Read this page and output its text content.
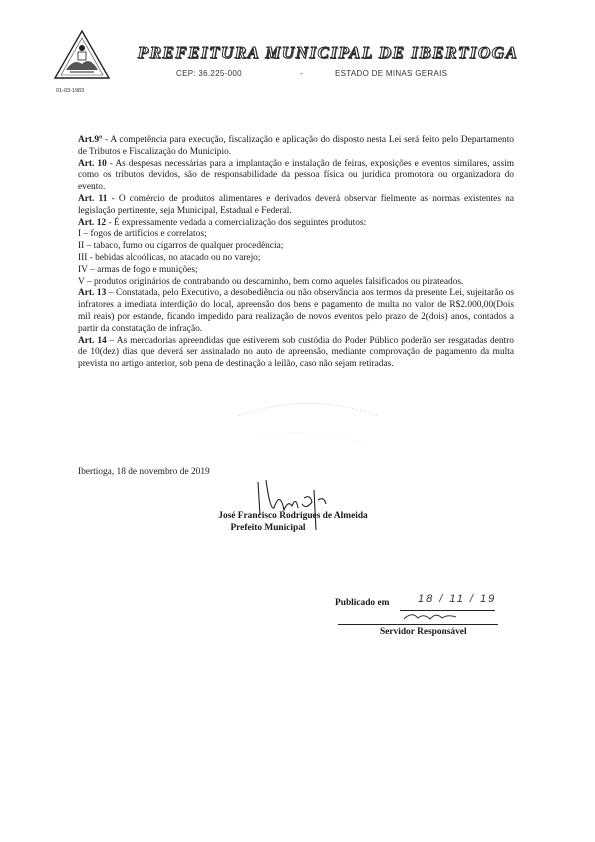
01-03-1983
PREFEITURA MUNICIPAL DE IBERTIOGA
CEP: 36.225-000	-	ESTADO DE MINAS GERAIS

Art.9º - A competência para execução, fiscalização e aplicação do disposto nesta Lei será feito pelo Departamento de Tributos e Fiscalização do Município.

Art. 10 - As despesas necessárias para a implantação e instalação de feiras, exposições e eventos similares, assim como os tributos devidos, são de responsabilidade da pessoa física ou jurídica promotora ou organizadora do evento.

Art. 11 - O comércio de produtos alimentares e derivados deverá observar fielmente as normas existentes na legislação pertinente, seja Municipal, Estadual e Federal.

Art. 12 - É expressamente vedada a comercialização dos seguintes produtos:

I – fogos de artifícios e correlatos;

II – tabaco, fumo ou cigarros de qualquer procedência;

III - bebidas alcoólicas, no atacado ou no varejo;

IV – armas de fogo e munições;

V – produtos originários de contrabando ou descaminho, bem como aqueles falsificados ou pirateados.

Art. 13 – Constatada, pelo Executivo, a desobediência ou não observância aos termos da presente Lei, sujeitarão os infratores a imediata interdição do local, apreensão dos bens e pagamento de multa no valor de R$2.000,00(Dois mil reais) por estande, ficando impedido para realização de novos eventos pelo prazo de 2(dois) anos, contados a partir da constatação de infração.

Art. 14 – As mercadorias apreendidas que estiverem sob custódia do Poder Público poderão ser resgatadas dentro de 10(dez) dias que deverá ser assinalado no auto de apreensão, mediante comprovação de pagamento da multa prevista no artigo anterior, sob pena de destinação a leilão, caso não sejam retiradas.

Ibertioga, 18 de novembro de 2019
José Francisco Rodrigues de Almeida
Prefeito Municipal
Publicado em	18 / 11 / 19
Servidor Responsável
